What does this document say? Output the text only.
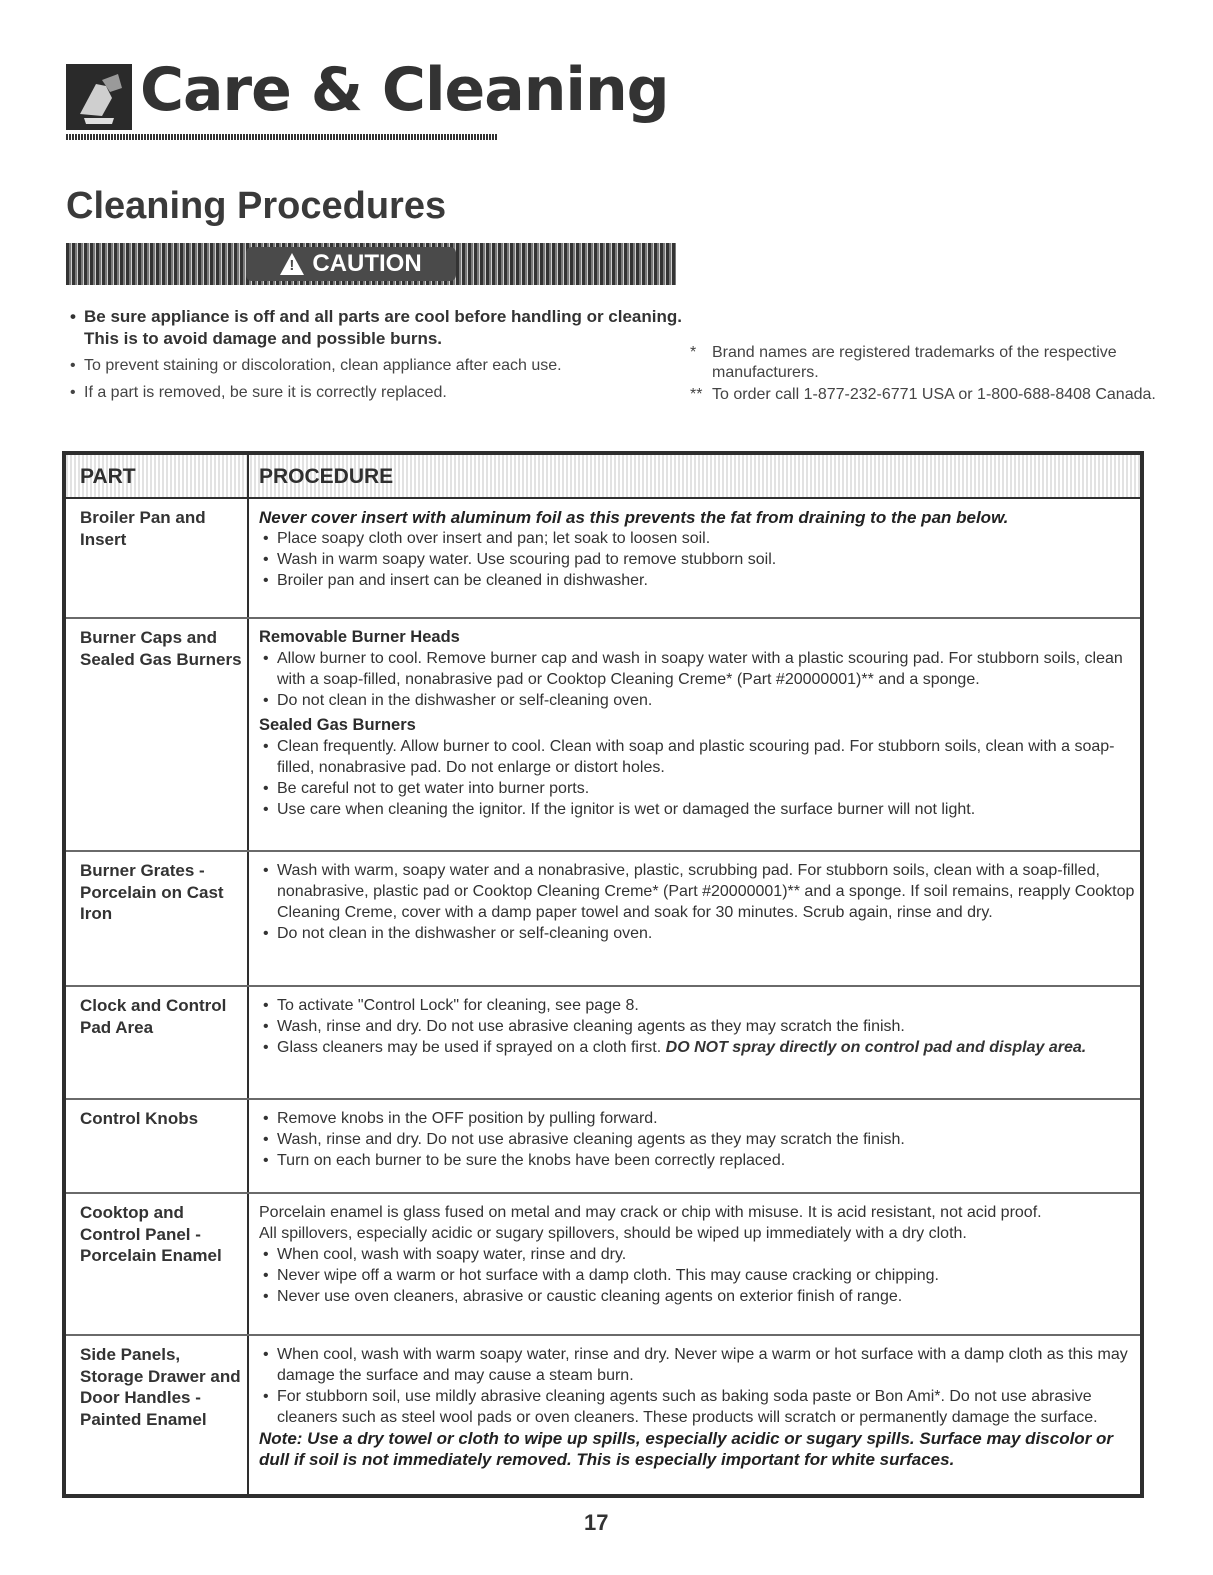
Care & Cleaning
Cleaning Procedures
!
CAUTION
• Be sure appliance is off and all parts are cool before handling or cleaning. This is to avoid damage and possible burns.
• To prevent staining or discoloration, clean appliance after each use.
• If a part is removed, be sure it is correctly replaced.
* Brand names are registered trademarks of the respective manufacturers.
** To order call 1-877-232-6771 USA or 1-800-688-8408 Canada.
PART	PROCEDURE
Broiler Pan and Insert
Never cover insert with aluminum foil as this prevents the fat from draining to the pan below.
• Place soapy cloth over insert and pan; let soak to loosen soil.
• Wash in warm soapy water. Use scouring pad to remove stubborn soil.
• Broiler pan and insert can be cleaned in dishwasher.
Burner Caps and Sealed Gas Burners
Removable Burner Heads
• Allow burner to cool. Remove burner cap and wash in soapy water with a plastic scouring pad. For stubborn soils, clean with a soap-filled, nonabrasive pad or Cooktop Cleaning Creme* (Part #20000001)** and a sponge.
• Do not clean in the dishwasher or self-cleaning oven.
Sealed Gas Burners
• Clean frequently. Allow burner to cool. Clean with soap and plastic scouring pad. For stubborn soils, clean with a soap-filled, nonabrasive pad. Do not enlarge or distort holes.
• Be careful not to get water into burner ports.
• Use care when cleaning the ignitor. If the ignitor is wet or damaged the surface burner will not light.
Burner Grates - Porcelain on Cast Iron
• Wash with warm, soapy water and a nonabrasive, plastic, scrubbing pad. For stubborn soils, clean with a soap-filled, nonabrasive, plastic pad or Cooktop Cleaning Creme* (Part #20000001)** and a sponge. If soil remains, reapply Cooktop Cleaning Creme, cover with a damp paper towel and soak for 30 minutes. Scrub again, rinse and dry.
• Do not clean in the dishwasher or self-cleaning oven.
Clock and Control Pad Area
• To activate "Control Lock" for cleaning, see page 8.
• Wash, rinse and dry. Do not use abrasive cleaning agents as they may scratch the finish.
• Glass cleaners may be used if sprayed on a cloth first. DO NOT spray directly on control pad and display area.
Control Knobs
•	Remove knobs in the OFF position by pulling forward.
• Wash, rinse and dry. Do not use abrasive cleaning agents as they may scratch the finish.
• Turn on each burner to be sure the knobs have been correctly replaced.
Cooktop and Control Panel - Porcelain Enamel
Porcelain enamel is glass fused on metal and may crack or chip with misuse. It is acid resistant, not acid proof.
All spillovers, especially acidic or sugary spillovers, should be wiped up immediately with a dry cloth.
• When cool, wash with soapy water, rinse and dry.
• Never wipe off a warm or hot surface with a damp cloth. This may cause cracking or chipping.
• Never use oven cleaners, abrasive or caustic cleaning agents on exterior finish of range.
Side Panels, Storage Drawer and Door Handles - Painted Enamel
• When cool, wash with warm soapy water, rinse and dry. Never wipe a warm or hot surface with a damp cloth as this may damage the surface and may cause a steam burn.
• For stubborn soil, use mildly abrasive cleaning agents such as baking soda paste or Bon Ami*. Do not use abrasive cleaners such as steel wool pads or oven cleaners. These products will scratch or permanently damage the surface.
Note: Use a dry towel or cloth to wipe up spills, especially acidic or sugary spills. Surface may discolor or dull if soil is not immediately removed. This is especially important for white surfaces.
17
